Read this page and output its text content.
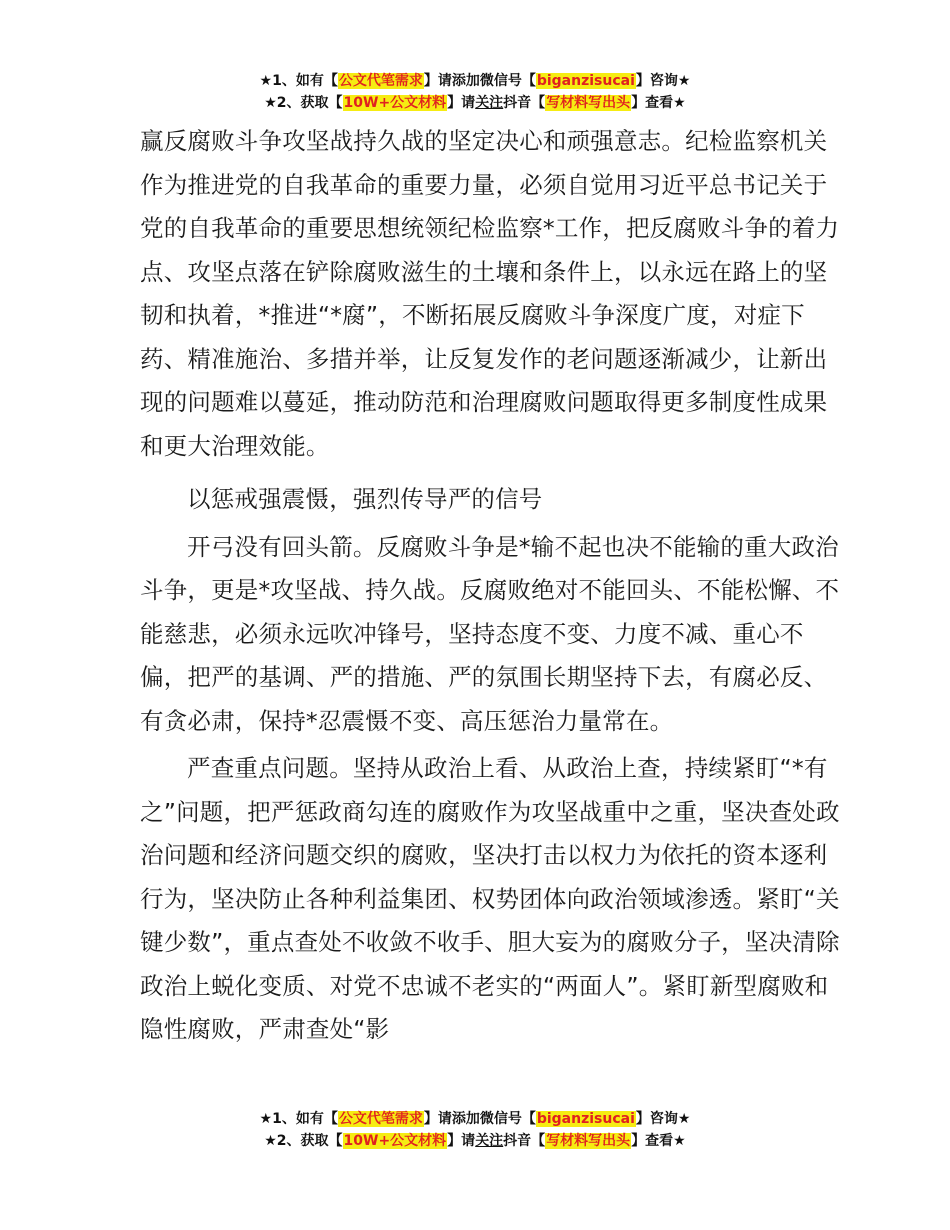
★1、如有【公文代笔需求】请添加微信号【biganzisucai】咨询★
★2、获取【10W+公文材料】请关注抖音【写材料写出头】查看★

赢反腐败斗争攻坚战持久战的坚定决心和顽强意志。纪检监察机关作为推进党的自我革命的重要力量，必须自觉用习近平总书记关于党的自我革命的重要思想统领纪检监察*工作，把反腐败斗争的着力点、攻坚点落在铲除腐败滋生的土壤和条件上，以永远在路上的坚韧和执着，*推进“*腐”，不断拓展反腐败斗争深度广度，对症下药、精准施治、多措并举，让反复发作的老问题逐渐减少，让新出现的问题难以蔓延，推动防范和治理腐败问题取得更多制度性成果和更大治理效能。

以惩戒强震慑，强烈传导严的信号

开弓没有回头箭。反腐败斗争是*输不起也决不能输的重大政治斗争，更是*攻坚战、持久战。反腐败绝对不能回头、不能松懈、不能慈悲，必须永远吹冲锋号，坚持态度不变、力度不减、重心不偏，把严的基调、严的措施、严的氛围长期坚持下去，有腐必反、有贪必肃，保持*忍震慑不变、高压惩治力量常在。

严查重点问题。坚持从政治上看、从政治上查，持续紧盯“*有之”问题，把严惩政商勾连的腐败作为攻坚战重中之重，坚决查处政治问题和经济问题交织的腐败，坚决打击以权力为依托的资本逐利行为，坚决防止各种利益集团、权势团体向政治领域渗透。紧盯“关键少数”，重点查处不收敛不收手、胆大妄为的腐败分子，坚决清除政治上蜕化变质、对党不忠诚不老实的“两面人”。紧盯新型腐败和隐性腐败，严肃查处“影

★1、如有【公文代笔需求】请添加微信号【biganzisucai】咨询★
★2、获取【10W+公文材料】请关注抖音【写材料写出头】查看★
